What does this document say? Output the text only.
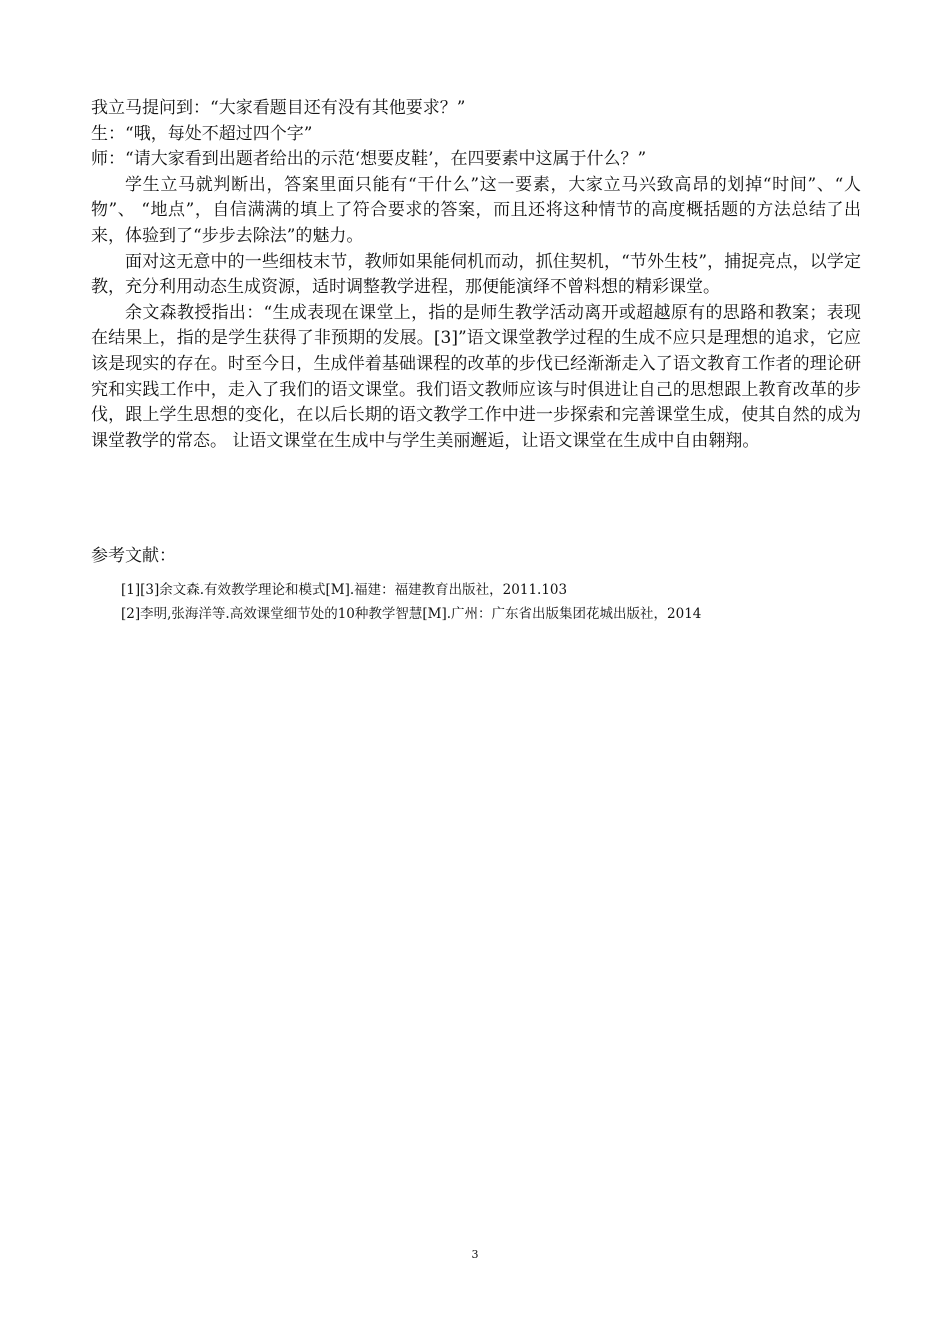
我立马提问到：“大家看题目还有没有其他要求？”

生：“哦，每处不超过四个字”

师：“请大家看到出题者给出的示范‘想要皮鞋’，在四要素中这属于什么？”

学生立马就判断出，答案里面只能有“干什么”这一要素，大家立马兴致高昂的划掉“时间”、“人物”、 “地点”，自信满满的填上了符合要求的答案，而且还将这种情节的高度概括题的方法总结了出来，体验到了“步步去除法”的魅力。

面对这无意中的一些细枝末节，教师如果能伺机而动，抓住契机，“节外生枝”，捕捉亮点，以学定教，充分利用动态生成资源，适时调整教学进程，那便能演绎不曾料想的精彩课堂。

余文森教授指出：“生成表现在课堂上，指的是师生教学活动离开或超越原有的思路和教案；表现在结果上，指的是学生获得了非预期的发展。[3]”语文课堂教学过程的生成不应只是理想的追求，它应该是现实的存在。时至今日，生成伴着基础课程的改革的步伐已经渐渐走入了语文教育工作者的理论研究和实践工作中，走入了我们的语文课堂。我们语文教师应该与时俱进让自己的思想跟上教育改革的步伐，跟上学生思想的变化，在以后长期的语文教学工作中进一步探索和完善课堂生成，使其自然的成为课堂教学的常态。 让语文课堂在生成中与学生美丽邂逅，让语文课堂在生成中自由翱翔。

参考文献：

[1][3]余文森.有效教学理论和模式[M].福建：福建教育出版社，2011.103

[2]李明,张海洋等.高效课堂细节处的10种教学智慧[M].广州：广东省出版集团花城出版社，2014

3
